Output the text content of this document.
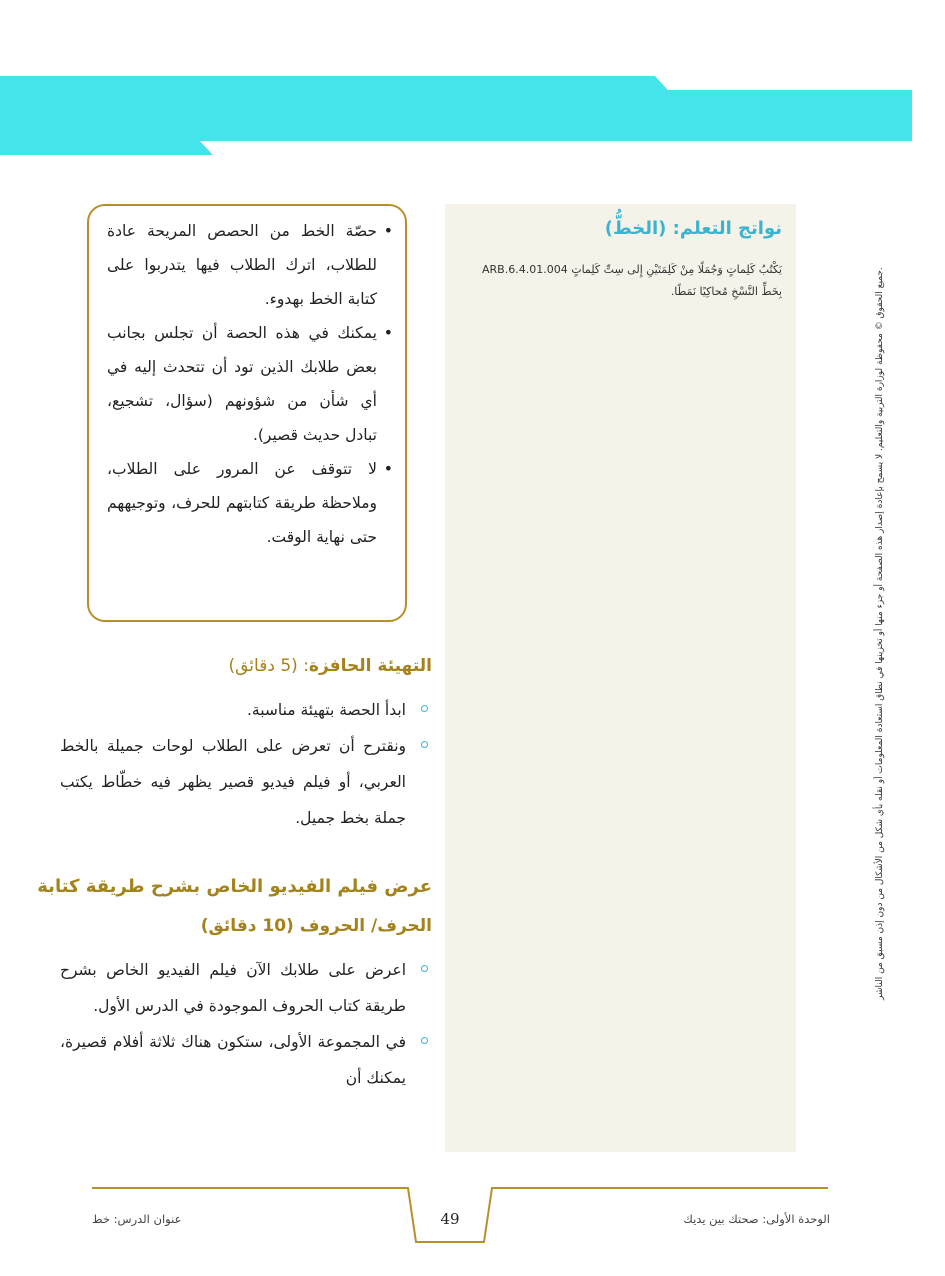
جميع الحقوق © محفوظة لوزارة التربية والتعليم. لا يسمح بإعادة إصدار هذه الصفحة أو جزء منها أو تخزينها في نطاق استعادة المعلومات أو نقله بأي شكل من الأشكال من دون إذن مسبق من الناشر.
نواتج التعلم: (الخطُّ)
يَكْتُبُ كَلِماتٍ وَجُمَلًا مِنْ كَلِمَتَيْنِ إِلى سِتِّ كَلِماتٍ ARB.6.4.01.004
بِخَطِّ النَّسْخِ مُحاكِيًا نَمَطًا.
• حصّة الخط من الحصص المريحة عادة للطلاب، اترك الطلاب فيها يتدربوا على كتابة الخط بهدوء.
• يمكنك في هذه الحصة أن تجلس بجانب بعض طلابك الذين تود أن تتحدث إليه في أي شأن من شؤونهم (سؤال، تشجيع، تبادل حديث قصير).
• لا تتوقف عن المرور على الطلاب، وملاحظة طريقة كتابتهم للحرف، وتوجيههم حتى نهاية الوقت.
التهيئة الحافزة: (5 دقائق)
ابدأ الحصة بتهيئة مناسبة.
ونقترح أن تعرض على الطلاب لوحات جميلة بالخط العربي، أو فيلم فيديو قصير يظهر فيه خطّاط يكتب جملة بخط جميل.
عرض فيلم الفيديو الخاص بشرح طريقة كتابة
الحرف/ الحروف (10 دقائق)
اعرض على طلابك الآن فيلم الفيديو الخاص بشرح طريقة كتاب الحروف الموجودة في الدرس الأول.
في المجموعة الأولى، ستكون هناك ثلاثة أفلام قصيرة، يمكنك أن
الوحدة الأولى: صحتك بين يديك
49
عنوان الدرس: خط
